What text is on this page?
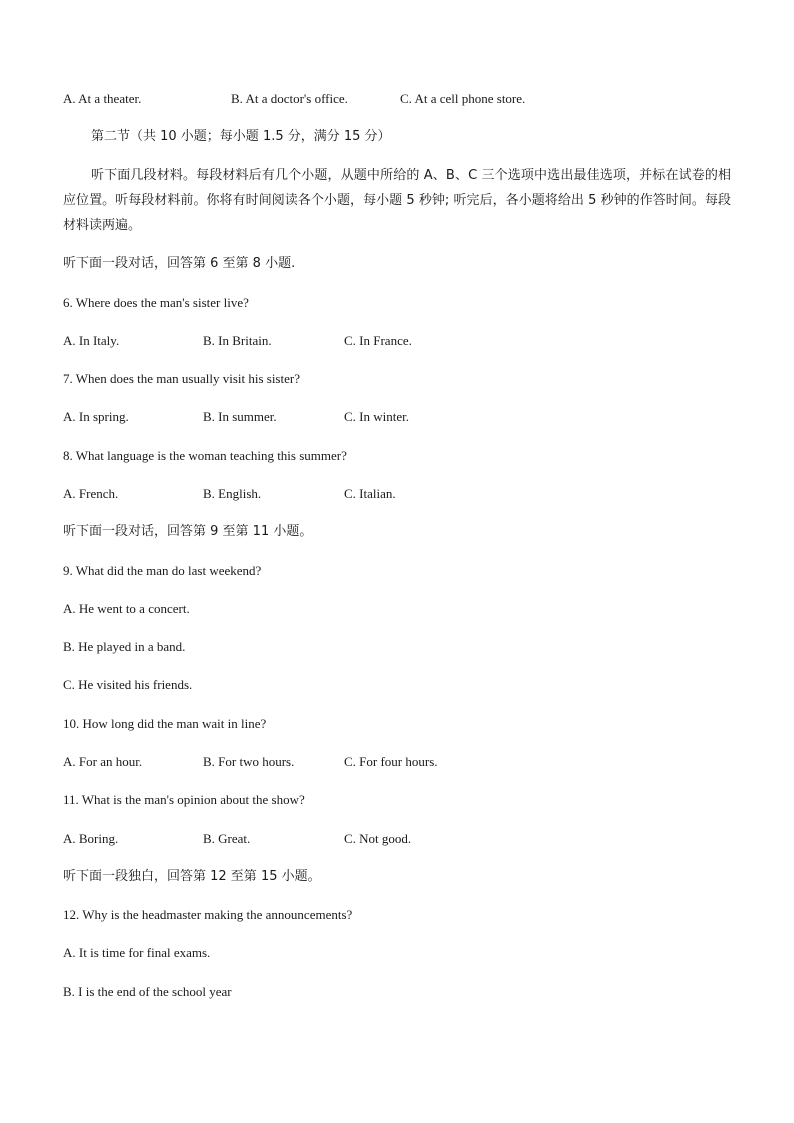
A. At a theater.	B. At a doctor's office.	C. At a cell phone store.
第二节（共 10 小题；每小题 1.5 分，满分 15 分）
听下面几段材料。每段材料后有几个小题，从题中所给的 A、B、C 三个选项中选出最佳选项，并标在试卷的相应位置。听每段材料前。你将有时间阅读各个小题，每小题 5 秒钟; 听完后，各小题将给出 5 秒钟的作答时间。每段材料读两遍。
听下面一段对话，回答第 6 至第 8 小题.
6. Where does the man's sister live?
A. In Italy.	B. In Britain.	C. In France.
7. When does the man usually visit his sister?
A. In spring.	B. In summer.	C. In winter.
8. What language is the woman teaching this summer?
A. French.	B. English.	C. Italian.
听下面一段对话，回答第 9 至第 11 小题。
9. What did the man do last weekend?
A. He went to a concert.
B. He played in a band.
C. He visited his friends.
10. How long did the man wait in line?
A. For an hour.	B. For two hours.	C. For four hours.
11. What is the man's opinion about the show?
A. Boring.	B. Great.	C. Not good.
听下面一段独白，回答第 12 至第 15 小题。
12. Why is the headmaster making the announcements?
A. It is time for final exams.
B. I is the end of the school year
